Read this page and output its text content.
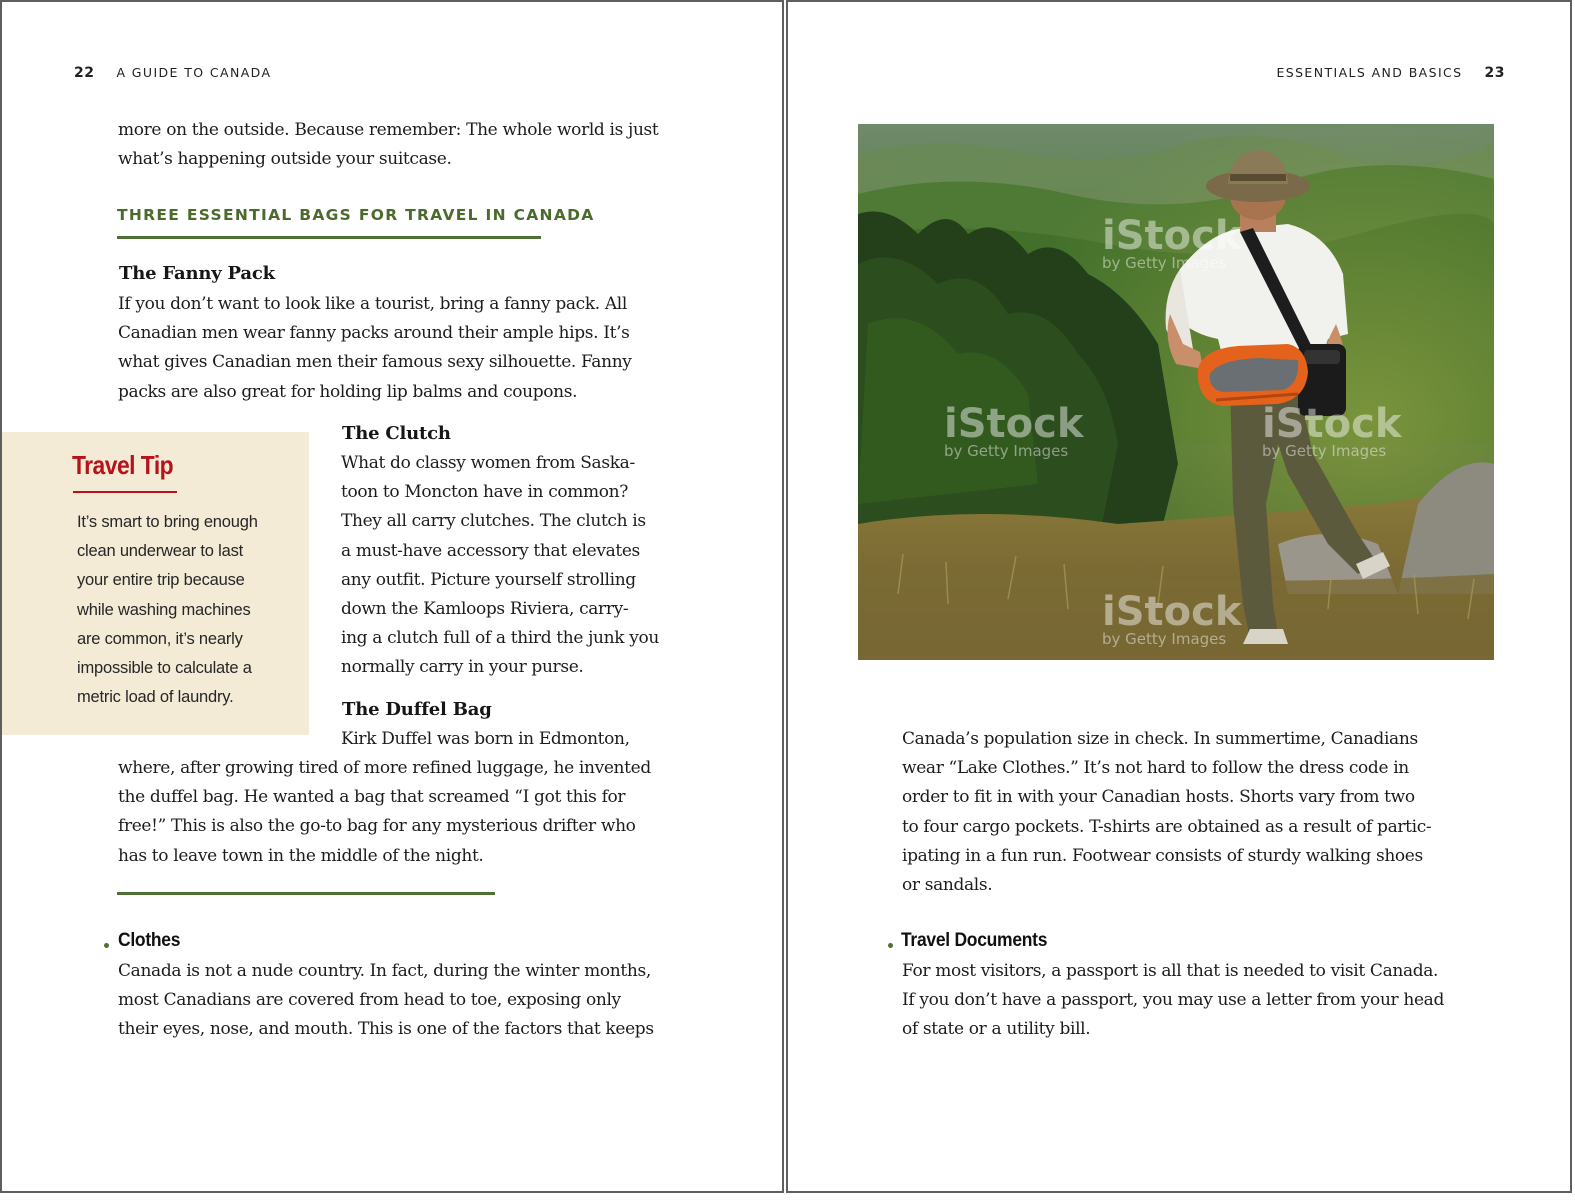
22 A GUIDE TO CANADA
more on the outside. Because remember: The whole world is just
what’s happening outside your suitcase.
THREE ESSENTIAL BAGS FOR TRAVEL IN CANADA
The Fanny Pack
If you don’t want to look like a tourist, bring a fanny pack. All
Canadian men wear fanny packs around their ample hips. It’s
what gives Canadian men their famous sexy silhouette. Fanny
packs are also great for holding lip balms and coupons.
Travel Tip
It’s smart to bring enough
clean underwear to last
your entire trip because
while washing machines
are common, it’s nearly
impossible to calculate a
metric load of laundry.
The Clutch
What do classy women from Saska-
toon to Moncton have in common?
They all carry clutches. The clutch is
a must-have accessory that elevates
any outfit. Picture yourself strolling
down the Kamloops Riviera, carry-
ing a clutch full of a third the junk you
normally carry in your purse.
The Duffel Bag
Kirk Duffel was born in Edmonton,
where, after growing tired of more refined luggage, he invented
the duffel bag. He wanted a bag that screamed “I got this for
free!” This is also the go-to bag for any mysterious drifter who
has to leave town in the middle of the night.
Clothes
Canada is not a nude country. In fact, during the winter months,
most Canadians are covered from head to toe, exposing only
their eyes, nose, and mouth. This is one of the factors that keeps
ESSENTIALS AND BASICS 23
iStock
by Getty Images
iStock
by Getty Images
iStock
by Getty Images
iStock
by Getty Images
Canada’s population size in check. In summertime, Canadians
wear “Lake Clothes.” It’s not hard to follow the dress code in
order to fit in with your Canadian hosts. Shorts vary from two
to four cargo pockets. T-shirts are obtained as a result of partic-
ipating in a fun run. Footwear consists of sturdy walking shoes
or sandals.
Travel Documents
For most visitors, a passport is all that is needed to visit Canada.
If you don’t have a passport, you may use a letter from your head
of state or a utility bill.
